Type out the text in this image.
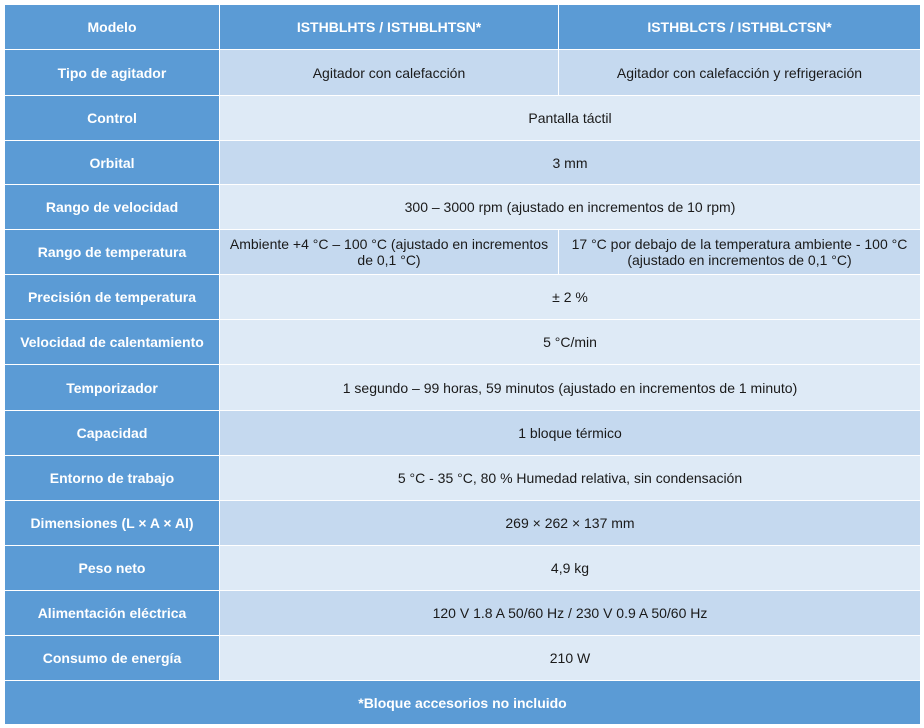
Modelo	ISTHBLHTS / ISTHBLHTSN*	ISTHBLCTS / ISTHBLCTSN*
Tipo de agitador	Agitador con calefacción	Agitador con calefacción y refrigeración
Control	Pantalla táctil	
Orbital	3 mm	
Rango de velocidad	300 – 3000 rpm (ajustado en incrementos de 10 rpm)	
Rango de temperatura	Ambiente +4 °C – 100 °C (ajustado en incrementos de 0,1 °C)	17 °C por debajo de la temperatura ambiente - 100 °C (ajustado en incrementos de 0,1 °C)
Precisión de temperatura	± 2 %	
Velocidad de calentamiento	5 °C/min	
Temporizador	1 segundo – 99 horas, 59 minutos (ajustado en incrementos de 1 minuto)	
Capacidad	1 bloque térmico	
Entorno de trabajo	5 °C - 35 °C, 80 % Humedad relativa, sin condensación	
Dimensiones (L × A × Al)	269 × 262 × 137 mm	
Peso neto	4,9 kg	
Alimentación eléctrica	120 V 1.8 A 50/60 Hz / 230 V 0.9 A 50/60 Hz	
Consumo de energía	210 W	
*Bloque accesorios no incluido		
